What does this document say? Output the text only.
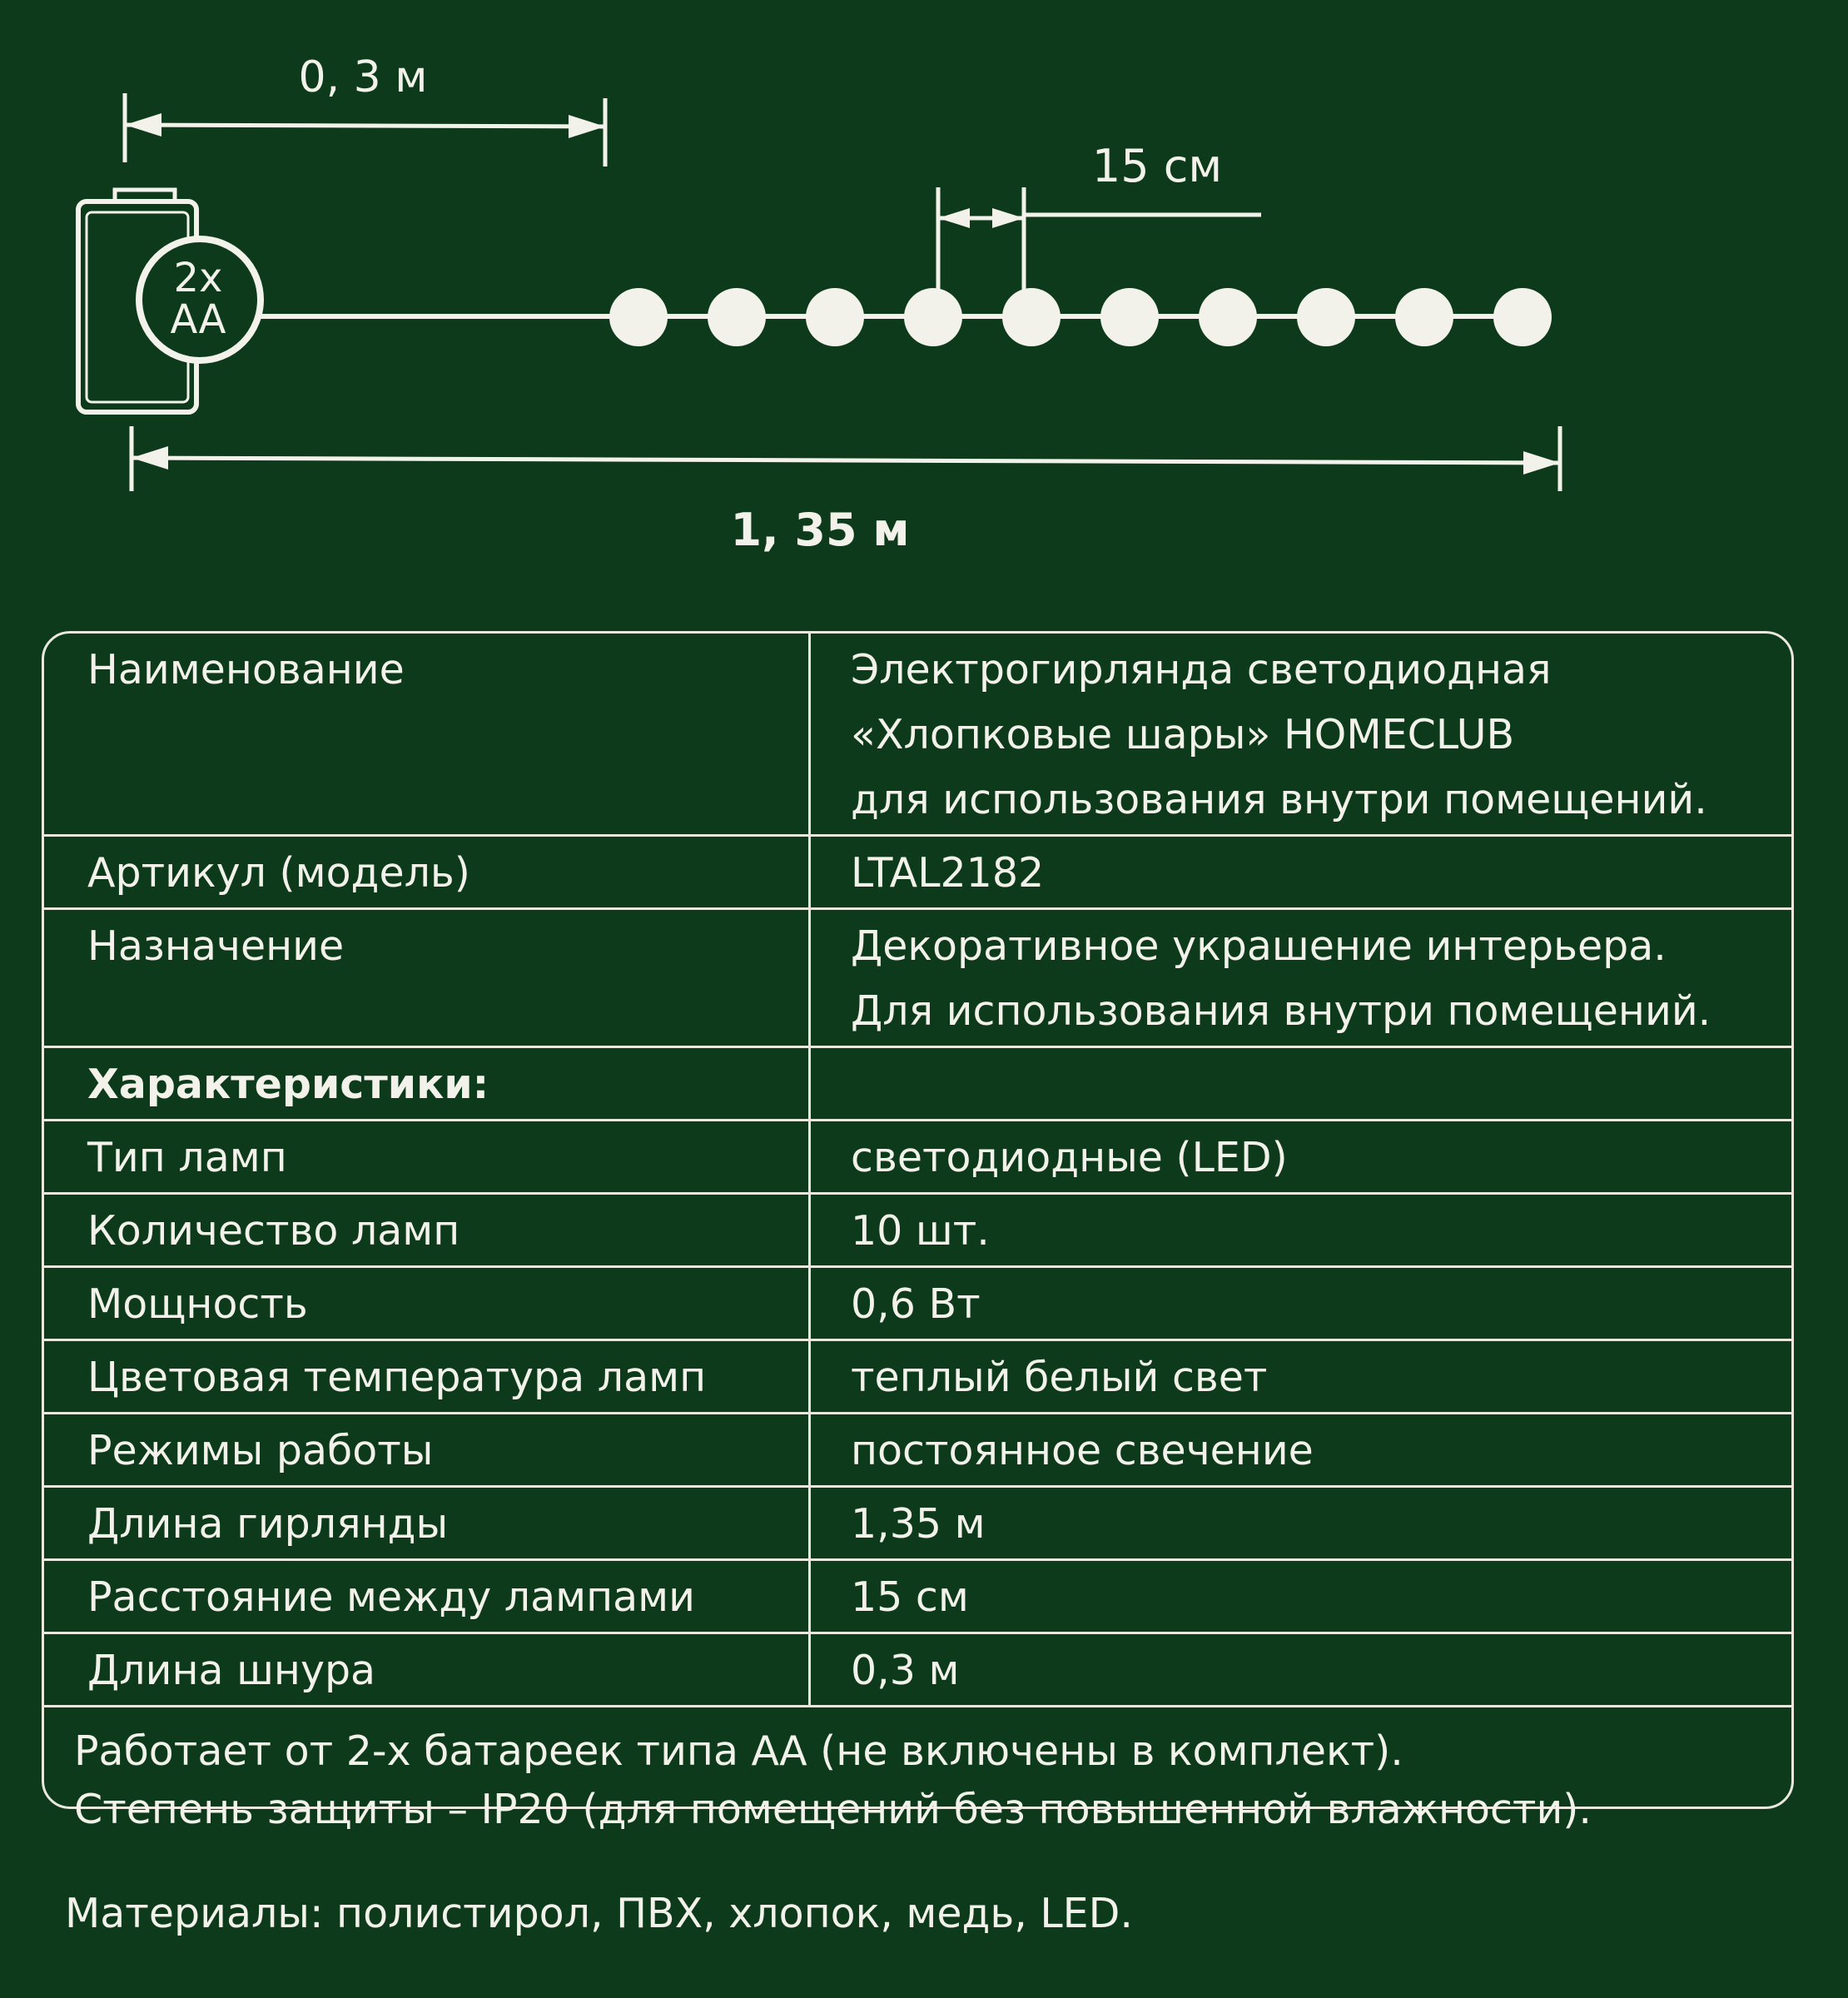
0, 3 м
15 см
2x
AA
1, 35 м
Наименование	Электрогирлянда светодиодная
«Хлопковые шары» HOMECLUB
для использования внутри помещений.

Артикул (модель)	LTAL2182

Назначение	Декоративное украшение интерьера.
Для использования внутри помещений.

Характеристики:	

Тип ламп	светодиодные (LED)

Количество ламп	10 шт.

Мощность	0,6 Вт

Цветовая температура ламп	теплый белый свет

Режимы работы	постоянное свечение

Длина гирлянды	1,35 м

Расстояние между лампами	15 см

Длина шнура	0,3 м
Работает от 2-х батареек типа АА (не включены в комплект).
Степень защиты – IP20 (для помещений без повышенной влажности).
Материалы: полистирол, ПВХ, хлопок, медь, LED.
